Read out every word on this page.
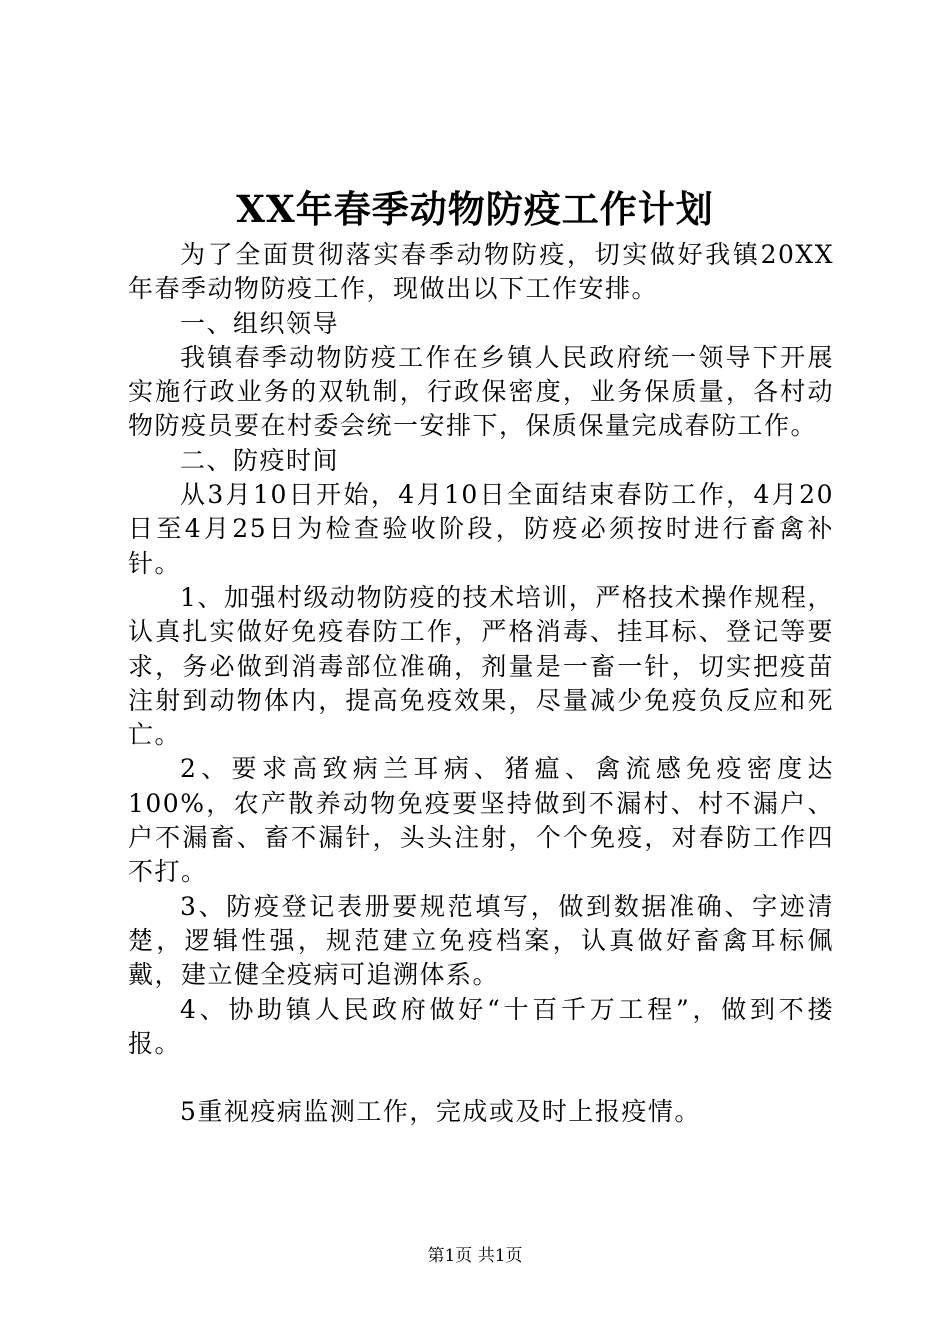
XX年春季动物防疫工作计划

为了全面贯彻落实春季动物防疫，切实做好我镇20XX年春季动物防疫工作，现做出以下工作安排。

一、组织领导

我镇春季动物防疫工作在乡镇人民政府统一领导下开展实施行政业务的双轨制，行政保密度，业务保质量，各村动物防疫员要在村委会统一安排下，保质保量完成春防工作。

二、防疫时间

从3月10日开始，4月10日全面结束春防工作，4月20日至4月25日为检查验收阶段，防疫必须按时进行畜禽补针。

1、加强村级动物防疫的技术培训，严格技术操作规程，认真扎实做好免疫春防工作，严格消毒、挂耳标、登记等要求，务必做到消毒部位准确，剂量是一畜一针，切实把疫苗注射到动物体内，提高免疫效果，尽量减少免疫负反应和死亡。

2、要求高致病兰耳病、猪瘟、禽流感免疫密度达100%，农产散养动物免疫要坚持做到不漏村、村不漏户、户不漏畜、畜不漏针，头头注射，个个免疫，对春防工作四不打。

3、防疫登记表册要规范填写，做到数据准确、字迹清楚，逻辑性强，规范建立免疫档案，认真做好畜禽耳标佩戴，建立健全疫病可追溯体系。

4、协助镇人民政府做好“十百千万工程”，做到不搂报。

5重视疫病监测工作，完成或及时上报疫情。

第1页 共1页
